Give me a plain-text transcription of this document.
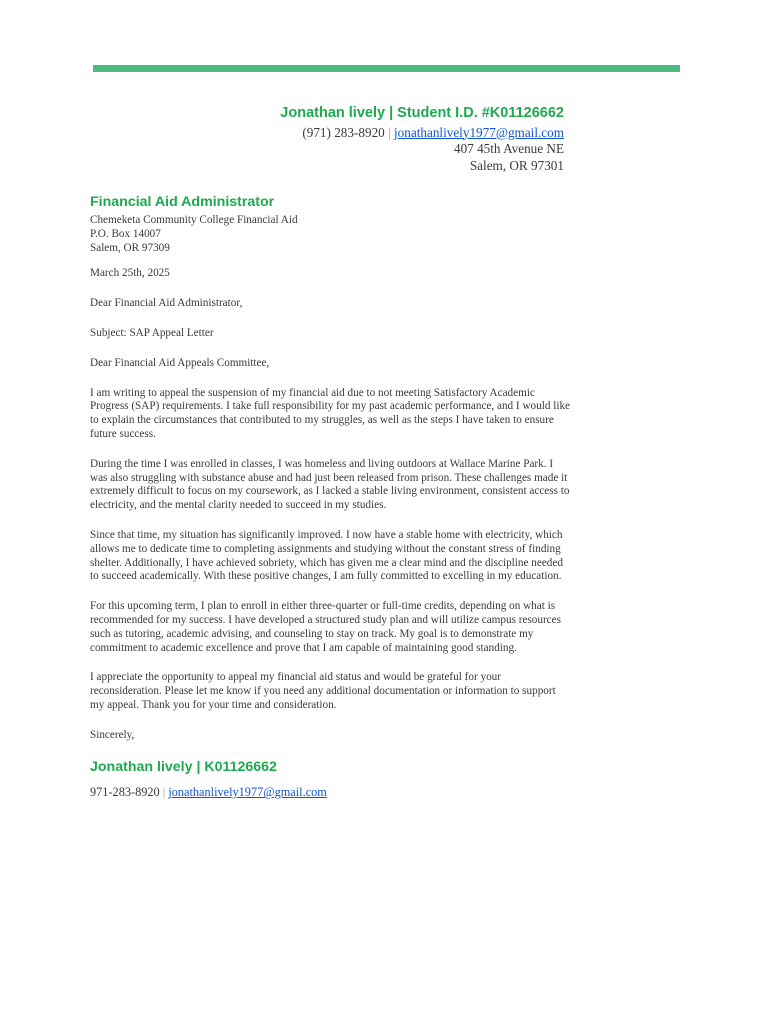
Jonathan lively | Student I.D. #K01126662
(971) 283-8920 | jonathanlively1977@gmail.com
407 45th Avenue NE
Salem, OR 97301
Financial Aid Administrator

Chemeketa Community College Financial Aid

P.O. Box 14007

Salem, OR 97309

March 25th, 2025

Dear Financial Aid Administrator,

Subject: SAP Appeal Letter

Dear Financial Aid Appeals Committee,

I am writing to appeal the suspension of my financial aid due to not meeting Satisfactory Academic Progress (SAP) requirements. I take full responsibility for my past academic performance, and I would like to explain the circumstances that contributed to my struggles, as well as the steps I have taken to ensure future success.

During the time I was enrolled in classes, I was homeless and living outdoors at Wallace Marine Park. I was also struggling with substance abuse and had just been released from prison. These challenges made it extremely difficult to focus on my coursework, as I lacked a stable living environment, consistent access to electricity, and the mental clarity needed to succeed in my studies.

Since that time, my situation has significantly improved. I now have a stable home with electricity, which allows me to dedicate time to completing assignments and studying without the constant stress of finding shelter. Additionally, I have achieved sobriety, which has given me a clear mind and the discipline needed to succeed academically. With these positive changes, I am fully committed to excelling in my education.

For this upcoming term, I plan to enroll in either three-quarter or full-time credits, depending on what is recommended for my success. I have developed a structured study plan and will utilize campus resources such as tutoring, academic advising, and counseling to stay on track. My goal is to demonstrate my commitment to academic excellence and prove that I am capable of maintaining good standing.

I appreciate the opportunity to appeal my financial aid status and would be grateful for your reconsideration. Please let me know if you need any additional documentation or information to support my appeal. Thank you for your time and consideration.

Sincerely,

Jonathan lively | K01126662
971-283-8920 | jonathanlively1977@gmail.com
